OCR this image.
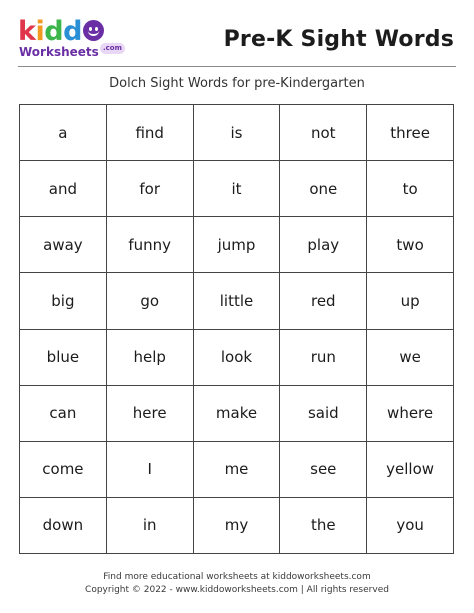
kidd
Worksheets .com	Pre-K Sight Words
Dolch Sight Words for pre-Kindergarten
a	find	is	not	three
and	for	it	one	to
away	funny	jump	play	two
big	go	little	red	up
blue	help	look	run	we
can	here	make	said	where
come	I	me	see	yellow
down	in	my	the	you
Find more educational worksheets at kiddoworksheets.com
Copyright © 2022 - www.kiddoworksheets.com | All rights reserved
